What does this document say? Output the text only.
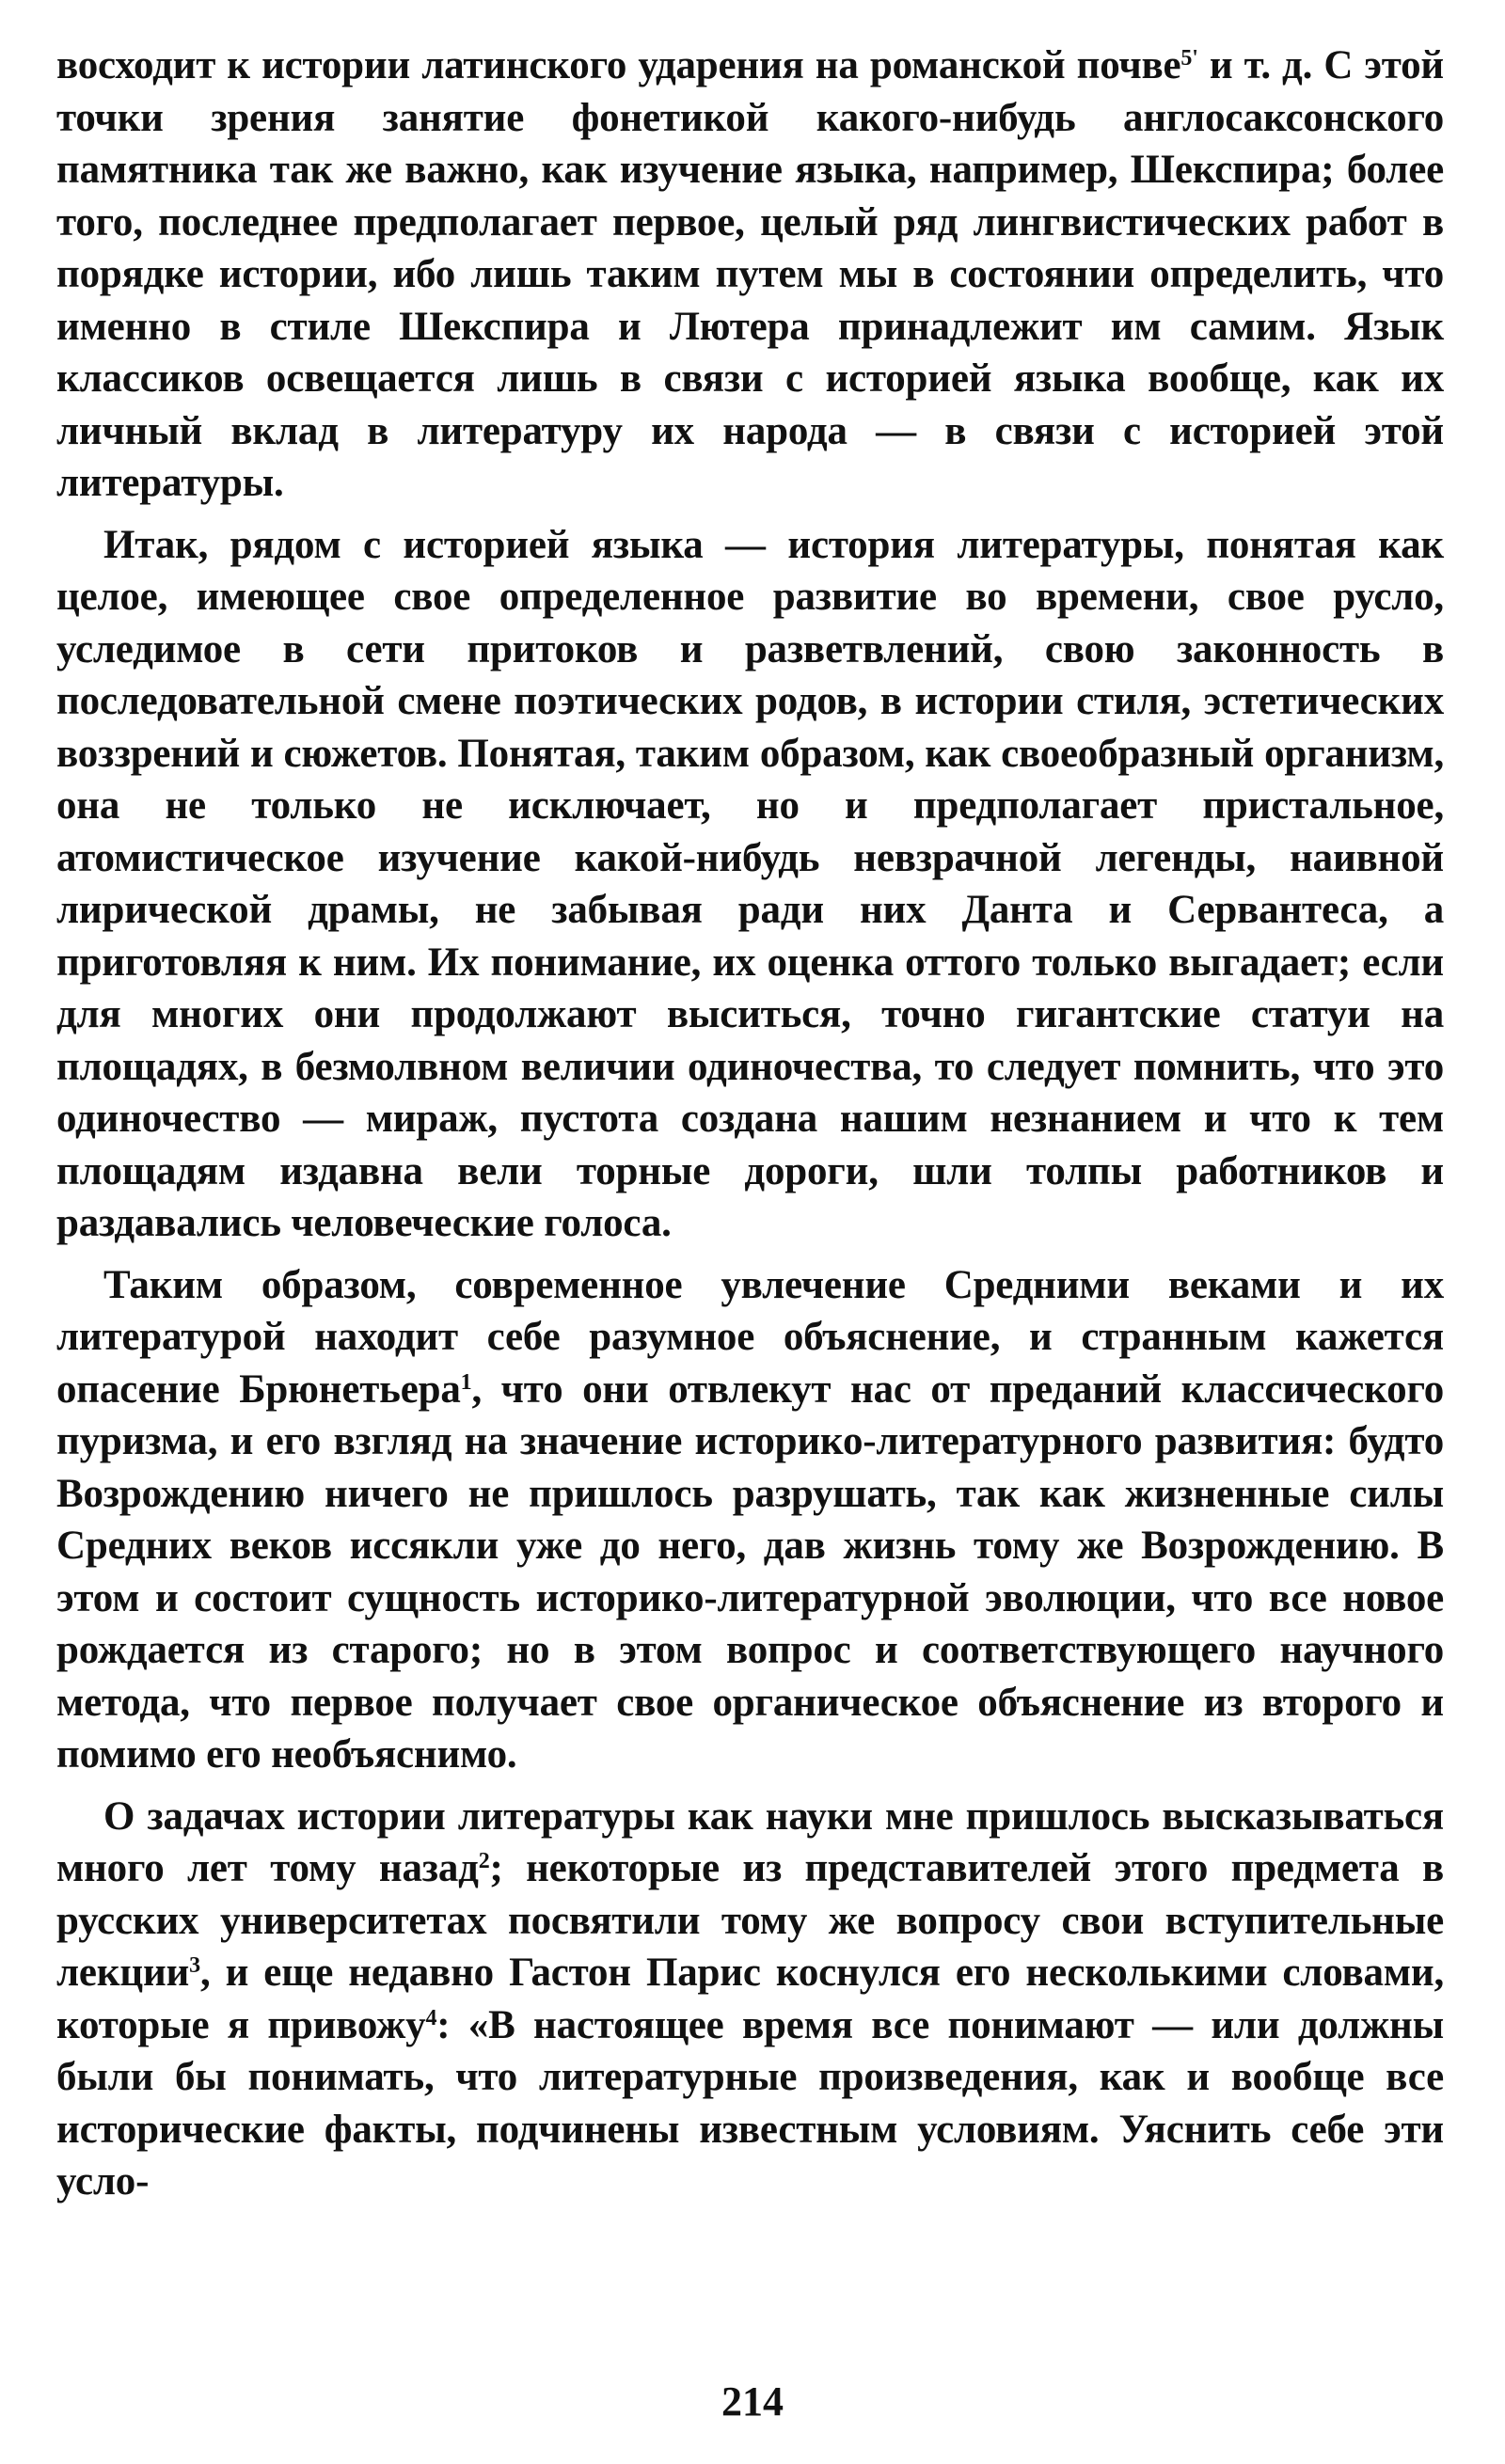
восходит к истории латинского ударения на романской почве$^{5'}$ и т. д. С этой точки зрения занятие фонетикой какого-нибудь англосаксонского памятника так же важно, как изучение языка, например, Шекспира; более того, последнее предполагает первое, целый ряд лингвистических работ в порядке истории, ибо лишь таким путем мы в состоянии определить, что именно в стиле Шекспира и Лютера принадлежит им самим. Язык классиков освещается лишь в связи с историей языка вообще, как их личный вклад в литературу их народа — в связи с историей этой литературы.

Итак, рядом с историей языка — история литературы, понятая как целое, имеющее свое определенное развитие во времени, свое русло, уследимое в сети притоков и разветвлений, свою законность в последовательной смене поэтических родов, в истории стиля, эстетических воззрений и сюжетов. Понятая, таким образом, как своеобразный организм, она не только не исключает, но и предполагает пристальное, атомистическое изучение какой-нибудь невзрачной легенды, наивной лирической драмы, не забывая ради них Данта и Сервантеса, а приготовляя к ним. Их понимание, их оценка оттого только выгадает; если для многих они продолжают выситься, точно гигантские статуи на площадях, в безмолвном величии одиночества, то следует помнить, что это одиночество — мираж, пустота создана нашим незнанием и что к тем площадям издавна вели торные дороги, шли толпы работников и раздавались человеческие голоса.

Таким образом, современное увлечение Средними веками и их литературой находит себе разумное объяснение, и странным кажется опасение Брюнетьера$^1$, что они отвлекут нас от преданий классического пуризма, и его взгляд на значение историко-литературного развития: будто Возрождению ничего не пришлось разрушать, так как жизненные силы Средних веков иссякли уже до него, дав жизнь тому же Возрождению. В этом и состоит сущность историко-литературной эволюции, что все новое рождается из старого; но в этом вопрос и соответствующего научного метода, что первое получает свое органическое объяснение из второго и помимо его необъяснимо.

О задачах истории литературы как науки мне пришлось высказываться много лет тому назад$^2$; некоторые из представителей этого предмета в русских университетах посвятили тому же вопросу свои вступительные лекции$^3$, и еще недавно Гастон Парис коснулся его несколькими словами, которые я привожу$^4$: «В настоящее время все понимают — или должны были бы понимать, что литературные произведения, как и вообще все исторические факты, подчинены известным условиям. Уяснить себе эти усло-

214
